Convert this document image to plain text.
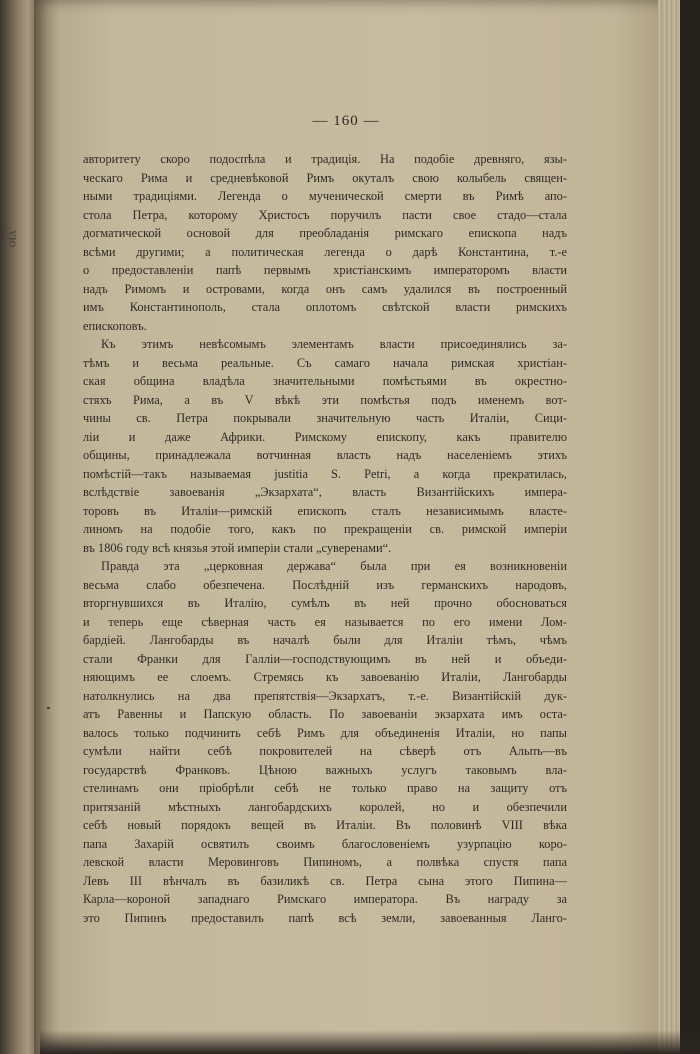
ую
— 160 —
авторитету скоро подоспѣла и традиція. На подобіе древняго, язы-
ческаго Рима и средневѣковой Римъ окуталъ свою колыбель священ-
ными традиціями. Легенда о мученической смерти въ Римѣ апо-
стола Петра, которому Христосъ поручилъ пасти свое стадо—стала
догматической основой для преобладанія римскаго епископа надъ
всѣми другими; а политическая легенда о дарѣ Константина, т.-е
о предоставленіи папѣ первымъ христіанскимъ императоромъ власти
надъ Римомъ и островами, когда онъ самъ удалился въ построенный
имъ Константинополь, стала оплотомъ свѣтской власти римскихъ
епископовъ.
Къ этимъ невѣсомымъ элементамъ власти присоединялись за-
тѣмъ и весьма реальные. Съ самаго начала римская христіан-
ская община владѣла значительными помѣстьями въ окрестно-
стяхъ Рима, а въ V вѣкѣ эти помѣстья подъ именемъ вот-
чины св. Петра покрывали значительную часть Италіи, Сици-
ліи и даже Африки. Римскому епископу, какъ правителю
общины, принадлежала вотчинная власть надъ населеніемъ этихъ
помѣстій—такъ называемая justitia S. Petri, а когда прекратилась,
вслѣдствіе завоеванія „Экзархата“, власть Византійскихъ импера-
торовъ въ Италіи—римскій епископъ сталъ независимымъ власте-
линомъ на подобіе того, какъ по прекращеніи св. римской имперіи
въ 1806 году всѣ князья этой имперіи стали „суверенами“.
Правда эта „церковная держава“ была при ея возникновеніи
весьма слабо обезпечена. Послѣдній изъ германскихъ народовъ,
вторгнувшихся въ Италію, сумѣлъ въ ней прочно обосноваться
и теперь еще сѣверная часть ея называется по его имени Лом-
бардіей. Лангобарды въ началѣ были для Италіи тѣмъ, чѣмъ
стали Франки для Галліи—господствующимъ въ ней и объеди-
няющимъ ее слоемъ. Стремясь къ завоеванію Италіи, Лангобарды
натолкнулись на два препятствія—Экзархатъ, т.-е. Византійскій дук-
атъ Равенны и Папскую область. По завоеваніи экзархата имъ оста-
валось только подчинить себѣ Римъ для объединенія Италіи, но папы
сумѣли найти себѣ покровителей на сѣверѣ отъ Альпъ—въ
государствѣ Франковъ. Цѣною важныхъ услугъ таковымъ вла-
стелинамъ они пріобрѣли себѣ не только право на защиту отъ
притязаній мѣстныхъ лангобардскихъ королей, но и обезпечили
себѣ новый порядокъ вещей въ Италіи. Въ половинѣ VIII вѣка
папа Захарій освятилъ своимъ благословеніемъ узурпацію коро-
левской власти Меровинговъ Пипиномъ, а полвѣка спустя папа
Левъ III вѣнчалъ въ базиликѣ св. Петра сына этого Пипина—
Карла—короной западнаго Римскаго императора. Въ награду за
это Пипинъ предоставилъ папѣ всѣ земли, завоеванныя Ланго-
